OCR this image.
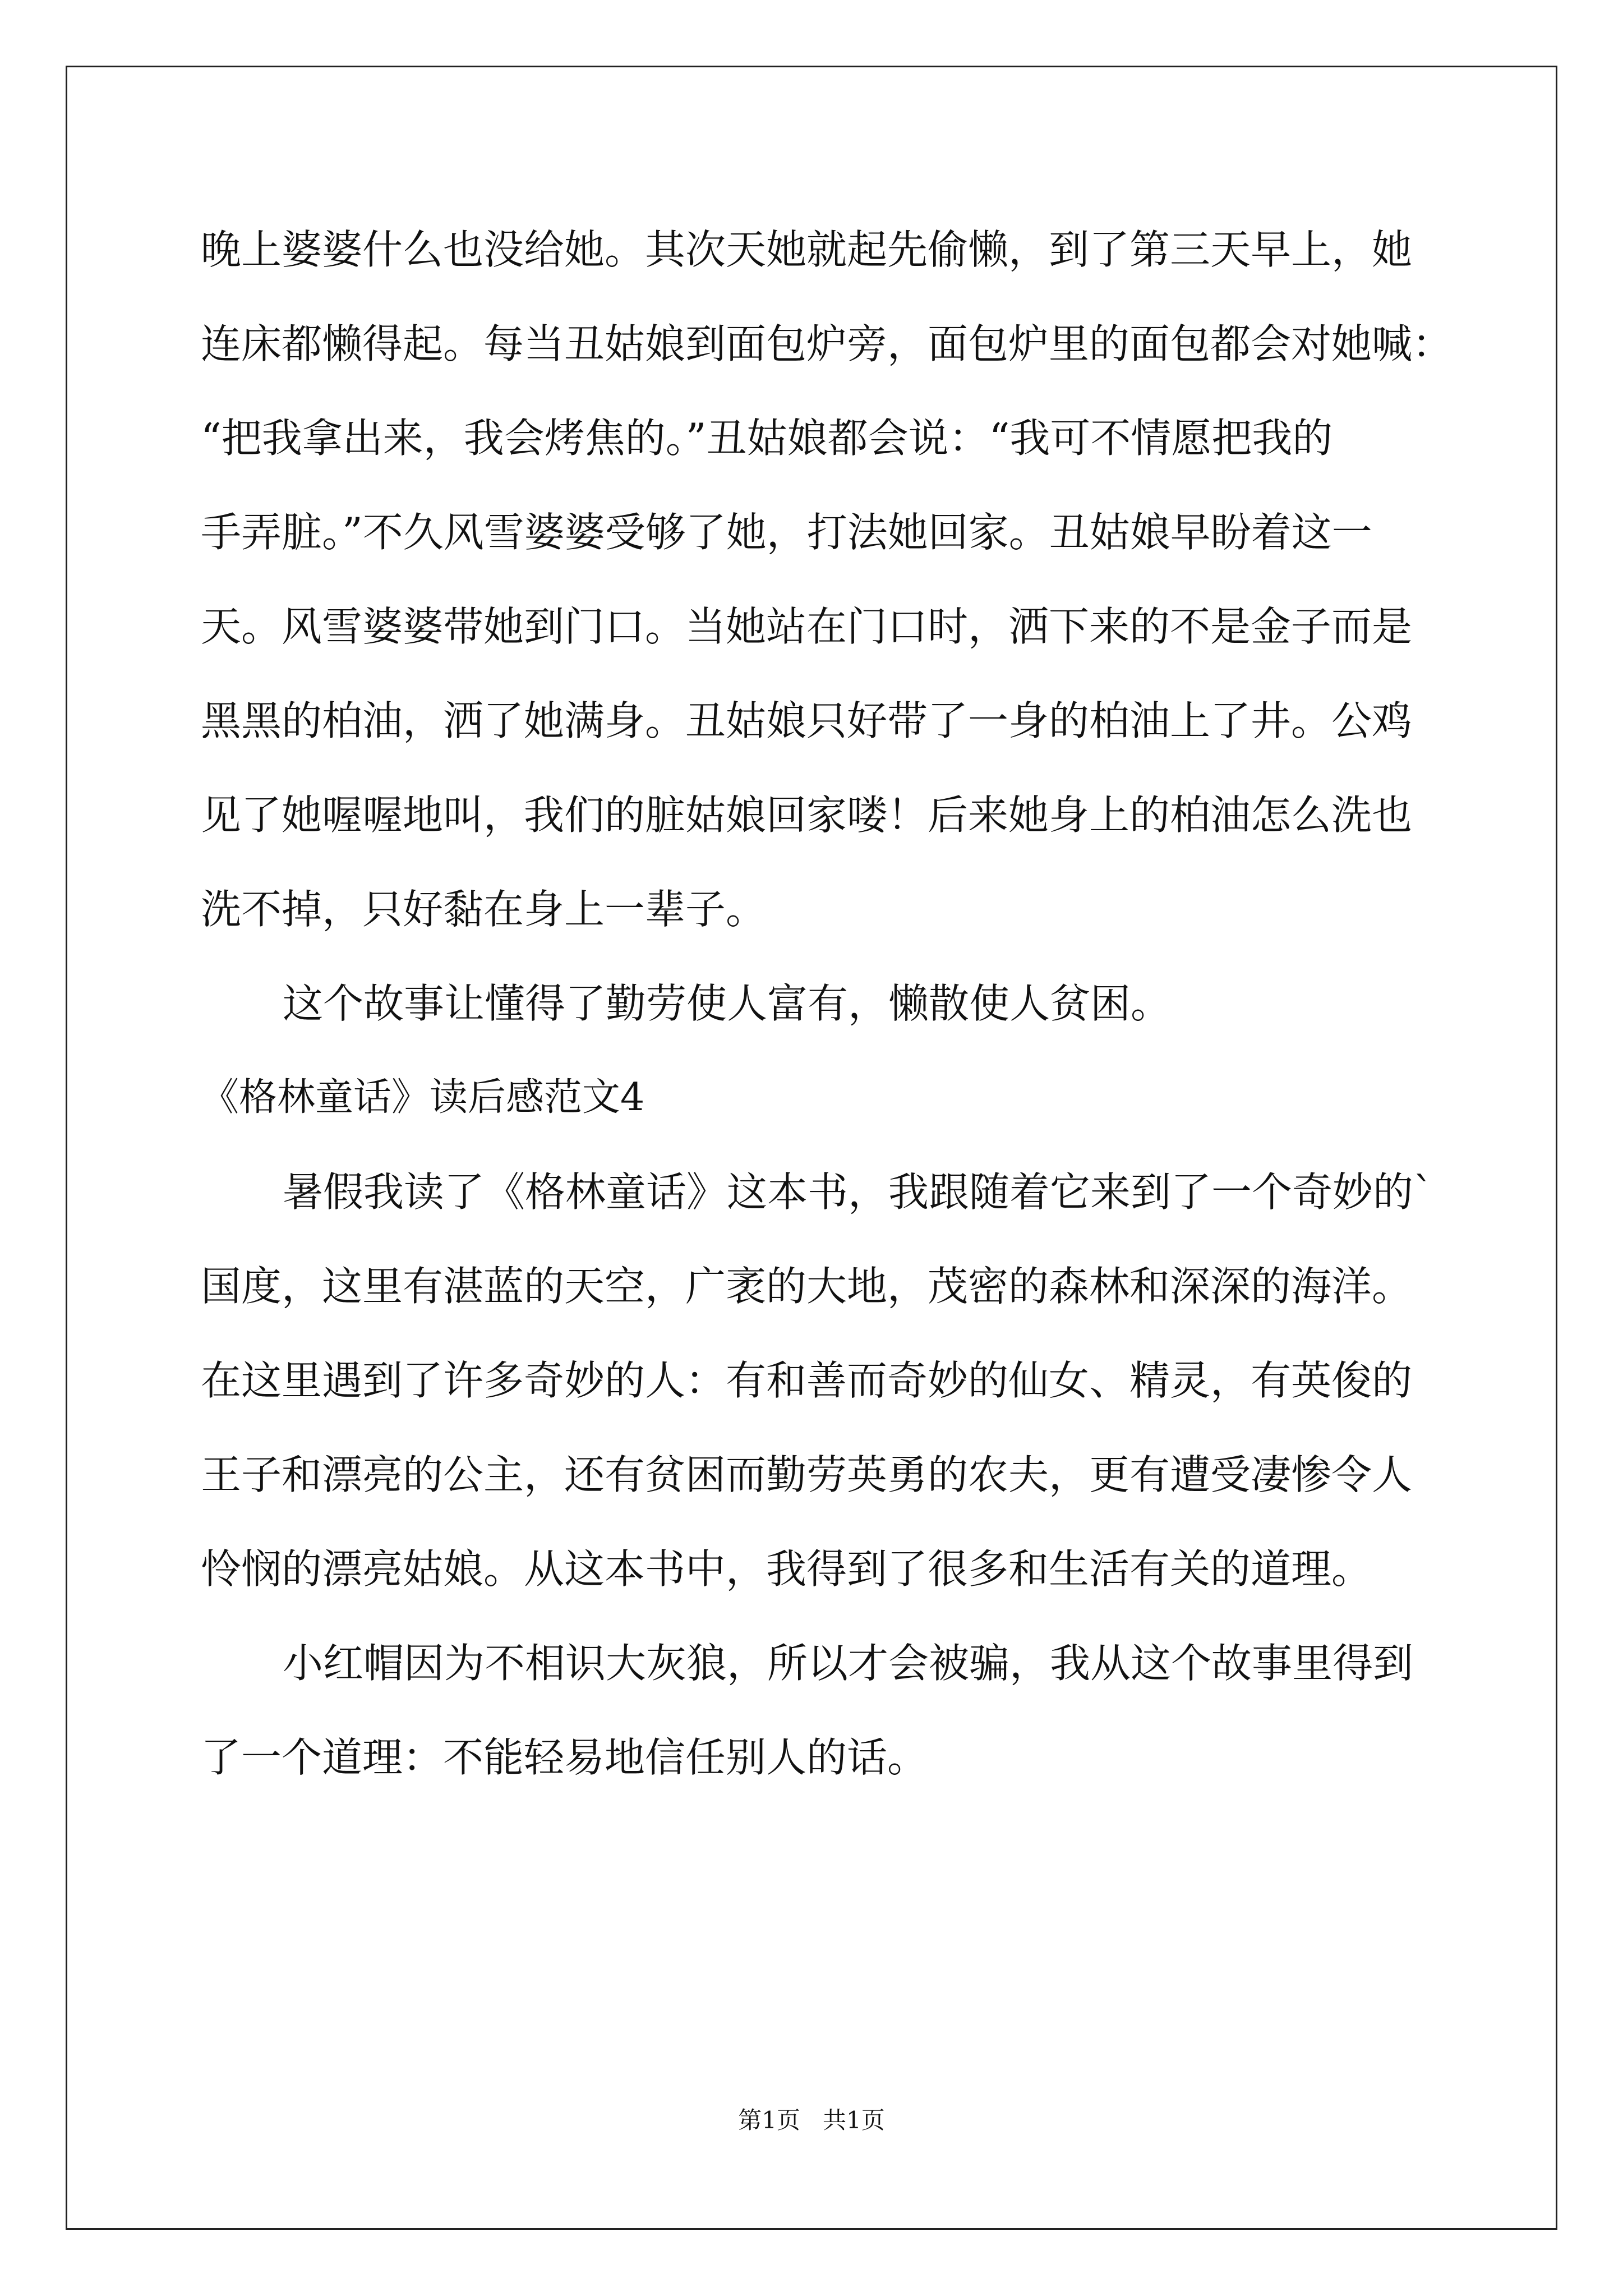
晚上婆婆什么也没给她。其次天她就起先偷懒，到了第三天早上，她
连床都懒得起。每当丑姑娘到面包炉旁，面包炉里的面包都会对她喊：
“把我拿出来，我会烤焦的。”丑姑娘都会说：“我可不情愿把我的
手弄脏。”不久风雪婆婆受够了她，打法她回家。丑姑娘早盼着这一
天。风雪婆婆带她到门口。当她站在门口时，洒下来的不是金子而是
黑黑的柏油，洒了她满身。丑姑娘只好带了一身的柏油上了井。公鸡
见了她喔喔地叫，我们的脏姑娘回家喽！后来她身上的柏油怎么洗也
洗不掉，只好黏在身上一辈子。
这个故事让懂得了勤劳使人富有，懒散使人贫困。
《格林童话》读后感范文4
暑假我读了《格林童话》这本书，我跟随着它来到了一个奇妙的`
国度，这里有湛蓝的天空，广袤的大地，茂密的森林和深深的海洋。
在这里遇到了许多奇妙的人：有和善而奇妙的仙女、精灵，有英俊的
王子和漂亮的公主，还有贫困而勤劳英勇的农夫，更有遭受凄惨令人
怜悯的漂亮姑娘。从这本书中，我得到了很多和生活有关的道理。
小红帽因为不相识大灰狼，所以才会被骗，我从这个故事里得到
了一个道理：不能轻易地信任别人的话。
第1页   共1页
